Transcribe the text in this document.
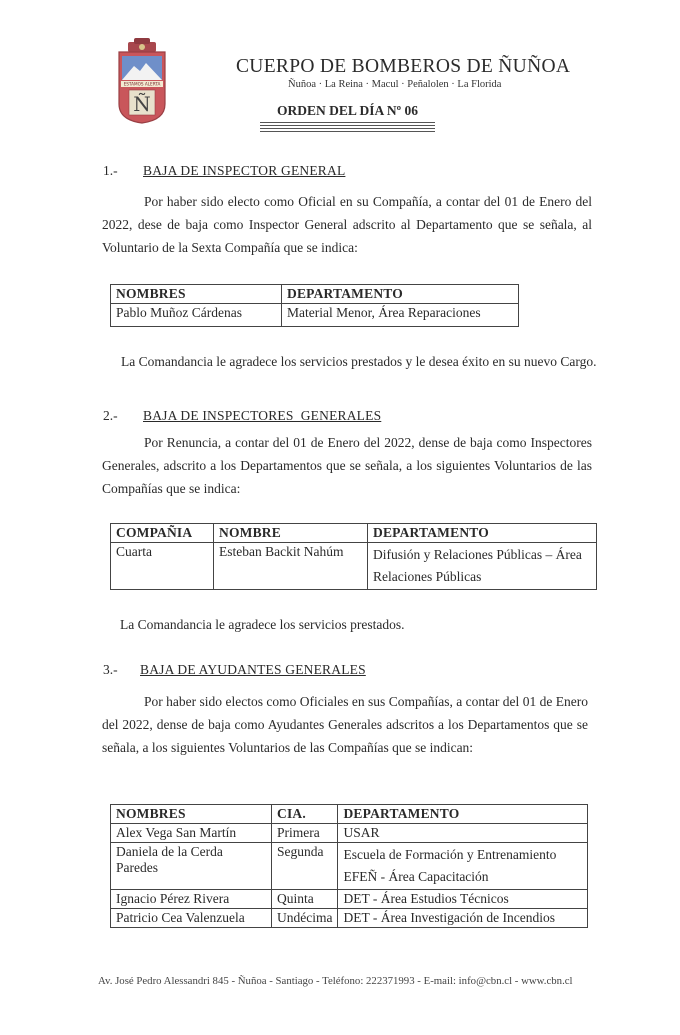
ESTAMOS ALERTA
Ñ
CUERPO DE BOMBEROS DE ÑUÑOA
Ñuñoa · La Reina · Macul · Peñalolen · La Florida
ORDEN DEL DÍA Nº 06
1.- BAJA DE INSPECTOR GENERAL
Por haber sido electo como Oficial en su Compañía, a contar del 01 de Enero del 2022, dese de baja como Inspector General adscrito al Departamento que se señala, al Voluntario de la Sexta Compañía que se indica:
NOMBRES	DEPARTAMENTO
Pablo Muñoz Cárdenas	Material Menor, Área Reparaciones
La Comandancia le agradece los servicios prestados y le desea éxito en su nuevo Cargo.
2.- BAJA DE INSPECTORES  GENERALES
Por Renuncia, a contar del 01 de Enero del 2022, dense de baja como Inspectores Generales, adscrito a los Departamentos que se señala, a los siguientes Voluntarios de las Compañías que se indica:
COMPAÑIA	NOMBRE	DEPARTAMENTO
Cuarta	Esteban Backit Nahúm	Difusión y Relaciones Públicas – Área Relaciones Públicas
La Comandancia le agradece los servicios prestados.
3.- BAJA DE AYUDANTES GENERALES
Por haber sido electos como Oficiales en sus Compañías, a contar del 01 de Enero del 2022, dense de baja como Ayudantes Generales adscritos a los Departamentos que se señala, a los siguientes Voluntarios de las Compañías que se indican:
NOMBRES	CIA.	DEPARTAMENTO
Alex Vega San Martín	Primera	USAR
Daniela de la Cerda Paredes	Segunda	Escuela de Formación y Entrenamiento EFEÑ - Área Capacitación
Ignacio Pérez Rivera	Quinta	DET - Área Estudios Técnicos
Patricio Cea Valenzuela	Undécima	DET - Área Investigación de Incendios
Av. José Pedro Alessandri 845 - Ñuñoa - Santiago - Teléfono: 222371993 - E-mail: info@cbn.cl - www.cbn.cl
